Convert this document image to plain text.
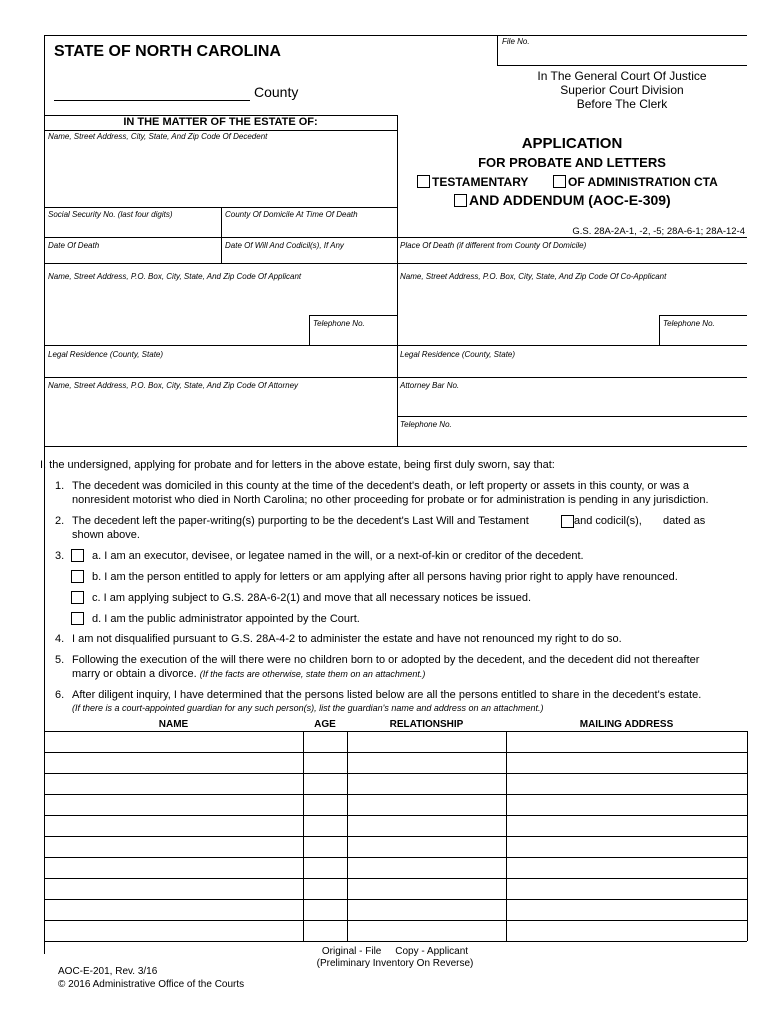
File No.
STATE OF NORTH CAROLINA
County
In The General Court Of Justice
Superior Court Division
Before The Clerk
IN THE MATTER OF THE ESTATE OF:
Name, Street Address, City, State, And Zip Code Of Decedent
Social Security No. (last four digits)	County Of Domicile At Time Of Death
Date Of Death	Date Of Will And Codicil(s), If Any	Place Of Death (if different from County Of Domicile)
APPLICATION
FOR PROBATE AND LETTERS
TESTAMENTARY	OF ADMINISTRATION CTA
AND ADDENDUM (AOC-E-309)
G.S. 28A-2A-1, -2, -5; 28A-6-1; 28A-12-4
Name, Street Address, P.O. Box, City, State, And Zip Code Of Applicant	Name, Street Address, P.O. Box, City, State, And Zip Code Of Co-Applicant
Telephone No.	Telephone No.
Legal Residence (County, State)	Legal Residence (County, State)
Name, Street Address, P.O. Box, City, State, And Zip Code Of Attorney	Attorney Bar No.
Telephone No.
I, the undersigned, applying for probate and for letters in the above estate, being first duly sworn, say that:
1. The decedent was domiciled in this county at the time of the decedent's death, or left property or assets in this county, or was a
nonresident motorist who died in North Carolina; no other proceeding for probate or for administration is pending in any jurisdiction.
2. The decedent left the paper-writing(s) purporting to be the decedent's Last Will and Testament	and codicil(s), dated as
shown above.
3.	a. I am an executor, devisee, or legatee named in the will, or a next-of-kin or creditor of the decedent.
b. I am the person entitled to apply for letters or am applying after all persons having prior right to apply have renounced.
c. I am applying subject to G.S. 28A-6-2(1) and move that all necessary notices be issued.
d. I am the public administrator appointed by the Court.
4. I am not disqualified pursuant to G.S. 28A-4-2 to administer the estate and have not renounced my right to do so.
5. Following the execution of the will there were no children born to or adopted by the decedent, and the decedent did not thereafter
marry or obtain a divorce. (If the facts are otherwise, state them on an attachment.)
6. After diligent inquiry, I have determined that the persons listed below are all the persons entitled to share in the decedent's estate.
(If there is a court-appointed guardian for any such person(s), list the guardian's name and address on an attachment.)
NAME	AGE	RELATIONSHIP	MAILING ADDRESS
Original - File     Copy - Applicant
(Preliminary Inventory On Reverse)
AOC-E-201, Rev. 3/16
© 2016 Administrative Office of the Courts
